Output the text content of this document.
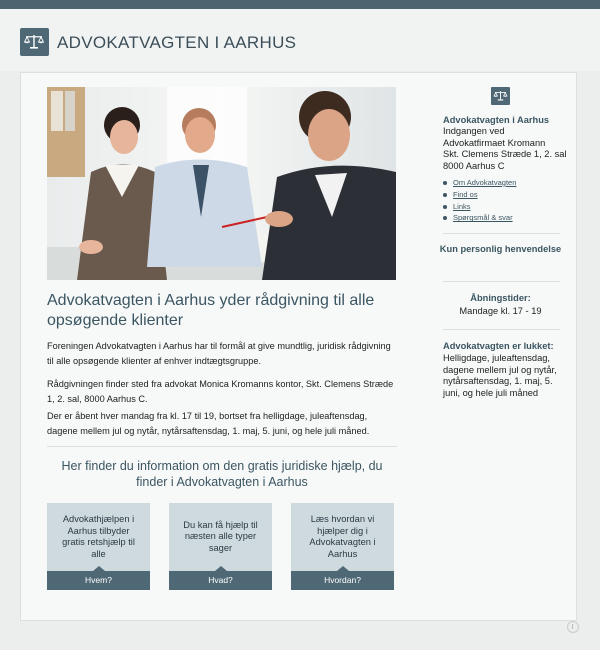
ADVOKATVAGTEN I AARHUS
Advokatvagten i Aarhus yder rådgivning til alle opsøgende klienter
Foreningen Advokatvagten i Aarhus har til formål at give mundtlig, juridisk rådgivning til alle opsøgende klienter af enhver indtægtsgruppe.
Rådgivningen finder sted fra advokat Monica Kromanns kontor, Skt. Clemens Stræde 1, 2. sal, 8000 Aarhus C.
Der er åbent hver mandag fra kl. 17 til 19, bortset fra helligdage, juleaftensdag, dagene mellem jul og nytår, nytårsaftensdag, 1. maj, 5. juni, og hele juli måned.
Her finder du information om den gratis juridiske hjælp, du finder i Advokatvagten i Aarhus
Advokathjælpen i Aarhus tilbyder gratis retshjælp til alle
Hvem?
Du kan få hjælp til næsten alle typer sager
Hvad?
Læs hvordan vi hjælper dig i Advokatvagten i Aarhus
Hvordan?
Advokatvagten i Aarhus
Indgangen ved
Advokatfirmaet Kromann
Skt. Clemens Stræde 1, 2. sal
8000 Aarhus C
Om Advokatvagten
Find os
Links
Spørgsmål & svar
Kun personlig henvendelse
Åbningstider:
Mandage kl. 17 - 19
Advokatvagten er lukket:
Helligdage, juleaftensdag, dagene mellem jul og nytår, nytårsaftensdag, 1. maj, 5. juni, og hele juli måned
